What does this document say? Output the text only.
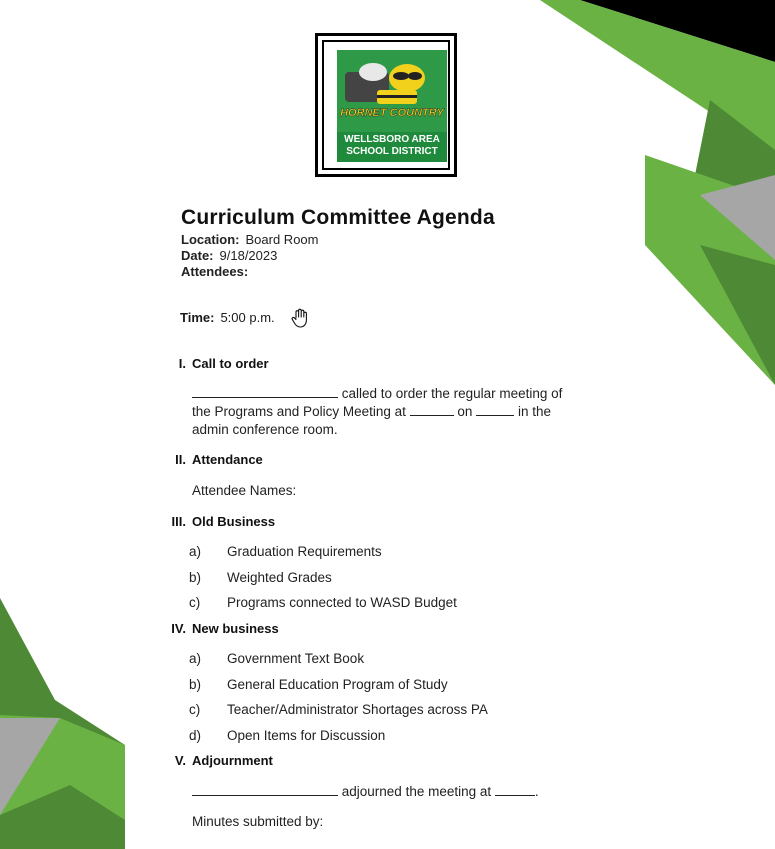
HORNET COUNTRY
WELLSBORO AREA
SCHOOL DISTRICT
Curriculum Committee Agenda
Location: Board Room
Date: 9/18/2023
Attendees:
Time: 5:00 p.m.
I. Call to order
called to order the regular meeting of
the Programs and Policy Meeting at	on	in the
admin conference room.
II. Attendance
Attendee Names:
III. Old Business
a) Graduation Requirements
b) Weighted Grades
c) Programs connected to WASD Budget
IV. New business
a) Government Text Book
b) General Education Program of Study
c) Teacher/Administrator Shortages across PA
d) Open Items for Discussion
V. Adjournment
adjourned the meeting at	.
Minutes submitted by:
